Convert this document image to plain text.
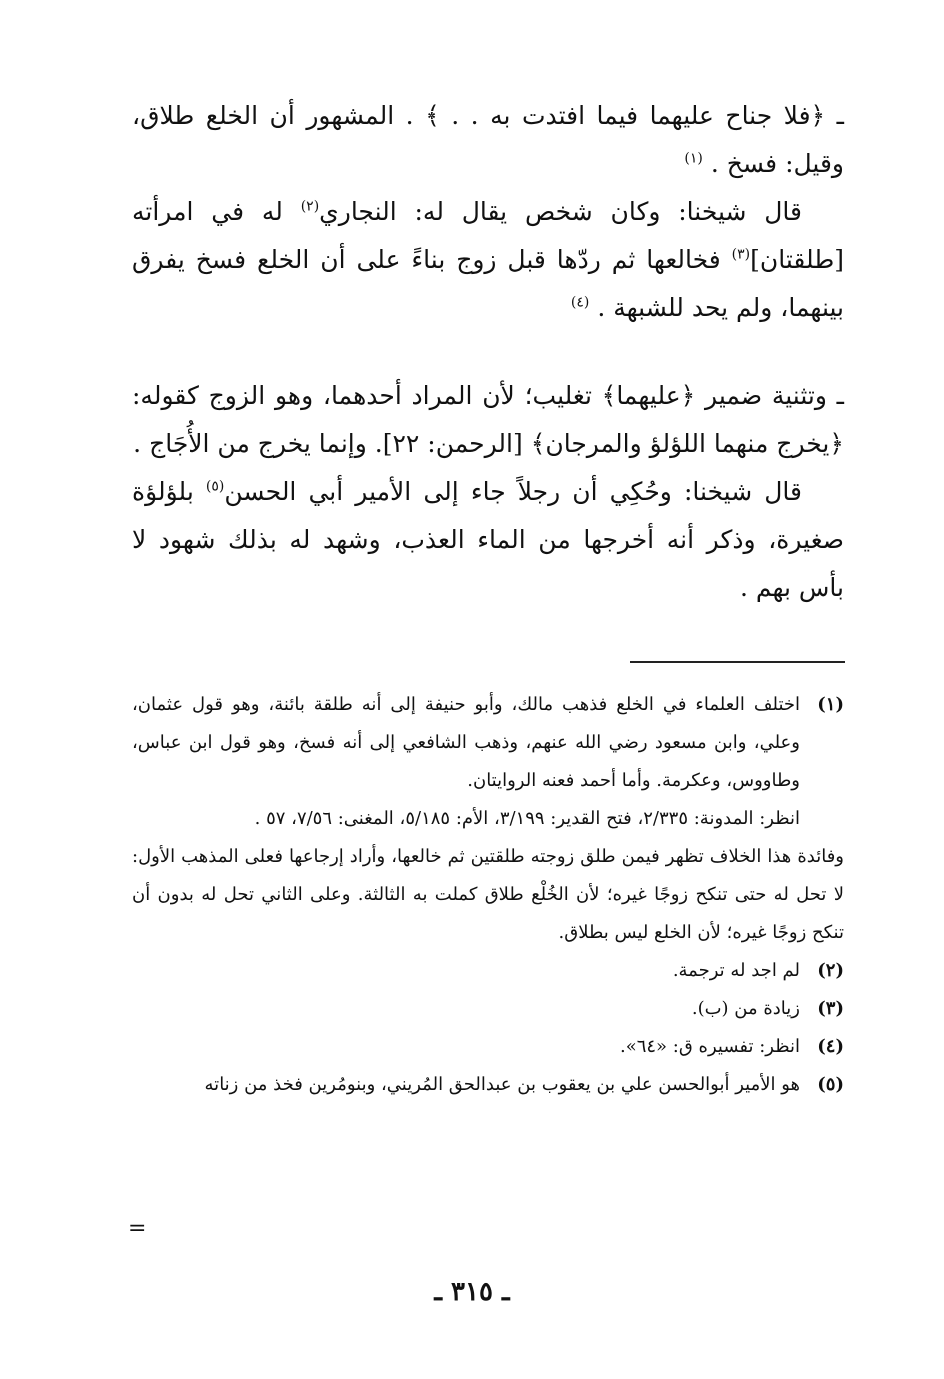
ـ ﴿فلا جناح عليهما فيما افتدت به . . ﴾ . المشهور أن الخلع طلاق، وقيل: فسخ . $^{(١)}$

قال شيخنا: وكان شخص يقال له: النجاري$^{(٢)}$ له في امرأته [طلقتان]$^{(٣)}$ فخالعها ثم ردّها قبل زوج بناءً على أن الخلع فسخ يفرق بينهما، ولم يحد للشبهة . $^{(٤)}$

ـ وتثنية ضمير ﴿عليهما﴾ تغليب؛ لأن المراد أحدهما، وهو الزوج كقوله: ﴿يخرج منهما اللؤلؤ والمرجان﴾ [الرحمن: ٢٢]. وإنما يخرج من الأُجَاج .

قال شيخنا: وحُكِي أن رجلاً جاء إلى الأمير أبي الحسن$^{(٥)}$ بلؤلؤة صغيرة، وذكر أنه أخرجها من الماء العذب، وشهد له بذلك شهود لا بأس بهم .

(١)

اختلف العلماء في الخلع فذهب مالك، وأبو حنيفة إلى أنه طلقة بائنة، وهو قول عثمان، وعلي، وابن مسعود رضي الله عنهم، وذهب الشافعي إلى أنه فسخ، وهو قول ابن عباس، وطاووس، وعكرمة. وأما أحمد فعنه الروايتان.

انظر: المدونة: ٢/٣٣٥، فتح القدير: ٣/١٩٩، الأم: ٥/١٨٥، المغنى: ٧/٥٦، ٥٧ .

وفائدة هذا الخلاف تظهر فيمن طلق زوجته طلقتين ثم خالعها، وأراد إرجاعها فعلى المذهب الأول: لا تحل له حتى تنكح زوجًا غيره؛ لأن الخُلْع طلاق كملت به الثالثة. وعلى الثاني تحل له بدون أن تنكح زوجًا غيره؛ لأن الخلع ليس بطلاق.

(٢)
لم اجد له ترجمة.
(٣)
زيادة من (ب).
(٤)
انظر: تفسيره ق: «٦٤».
(٥)
هو الأمير أبوالحسن علي بن يعقوب بن عبدالحق المُريني، وبنومُرين فخذ من زناته
=
ـ ٣١٥ ـ
